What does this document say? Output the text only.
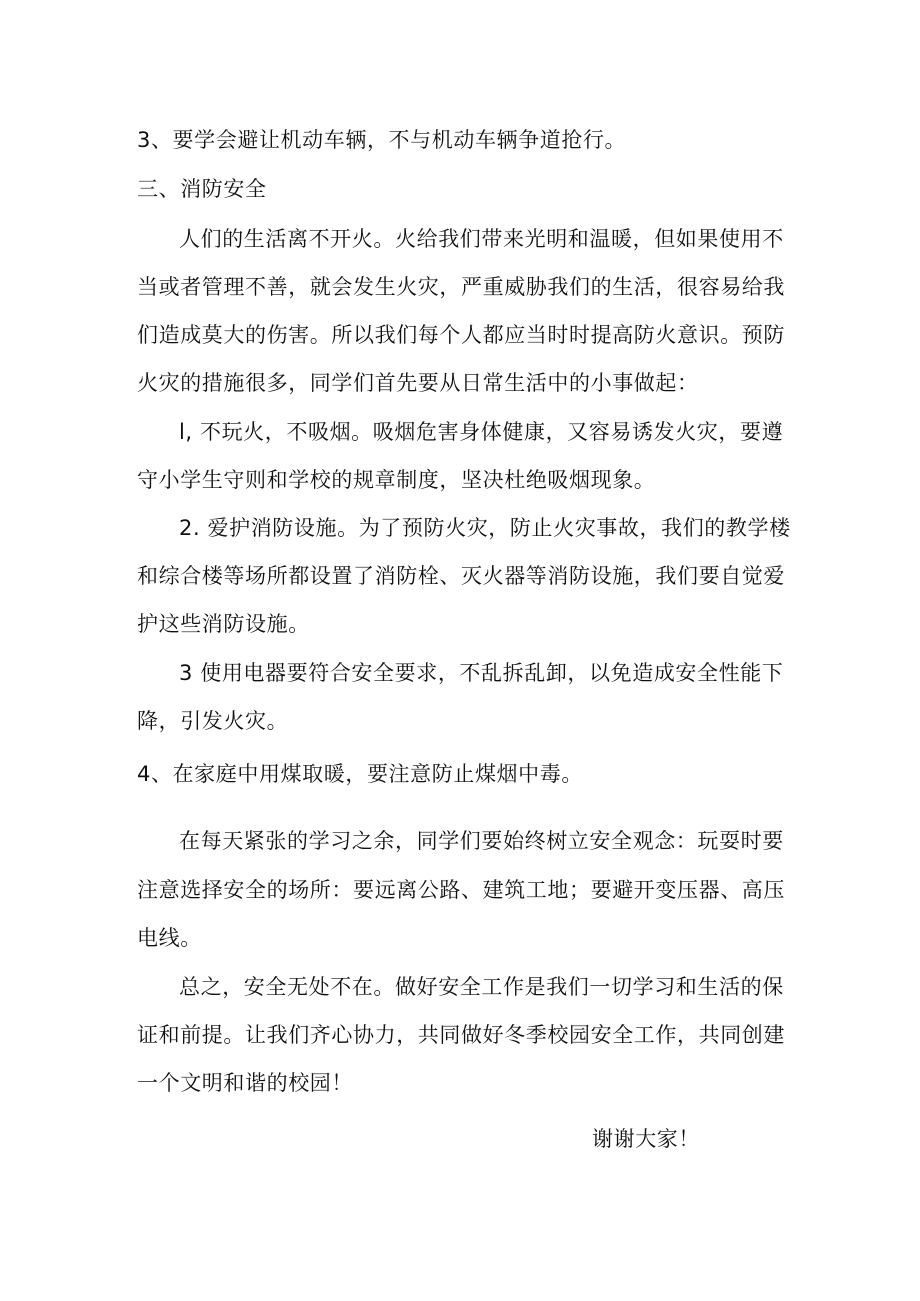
3、要学会避让机动车辆，不与机动车辆争道抢行。
三、消防安全
人们的生活离不开火。火给我们带来光明和温暖，但如果使用不
当或者管理不善，就会发生火灾，严重威胁我们的生活，很容易给我
们造成莫大的伤害。所以我们每个人都应当时时提高防火意识。预防
火灾的措施很多，同学们首先要从日常生活中的小事做起：
l, 不玩火，不吸烟。吸烟危害身体健康，又容易诱发火灾，要遵
守小学生守则和学校的规章制度，坚决杜绝吸烟现象。
2. 爱护消防设施。为了预防火灾，防止火灾事故，我们的教学楼
和综合楼等场所都设置了消防栓、灭火器等消防设施，我们要自觉爱
护这些消防设施。
3 使用电器要符合安全要求，不乱拆乱卸，以免造成安全性能下
降，引发火灾。
4、在家庭中用煤取暖，要注意防止煤烟中毒。
在每天紧张的学习之余，同学们要始终树立安全观念：玩耍时要
注意选择安全的场所：要远离公路、建筑工地；要避开变压器、高压
电线。
总之，安全无处不在。做好安全工作是我们一切学习和生活的保
证和前提。让我们齐心协力，共同做好冬季校园安全工作，共同创建
一个文明和谐的校园！
谢谢大家！
